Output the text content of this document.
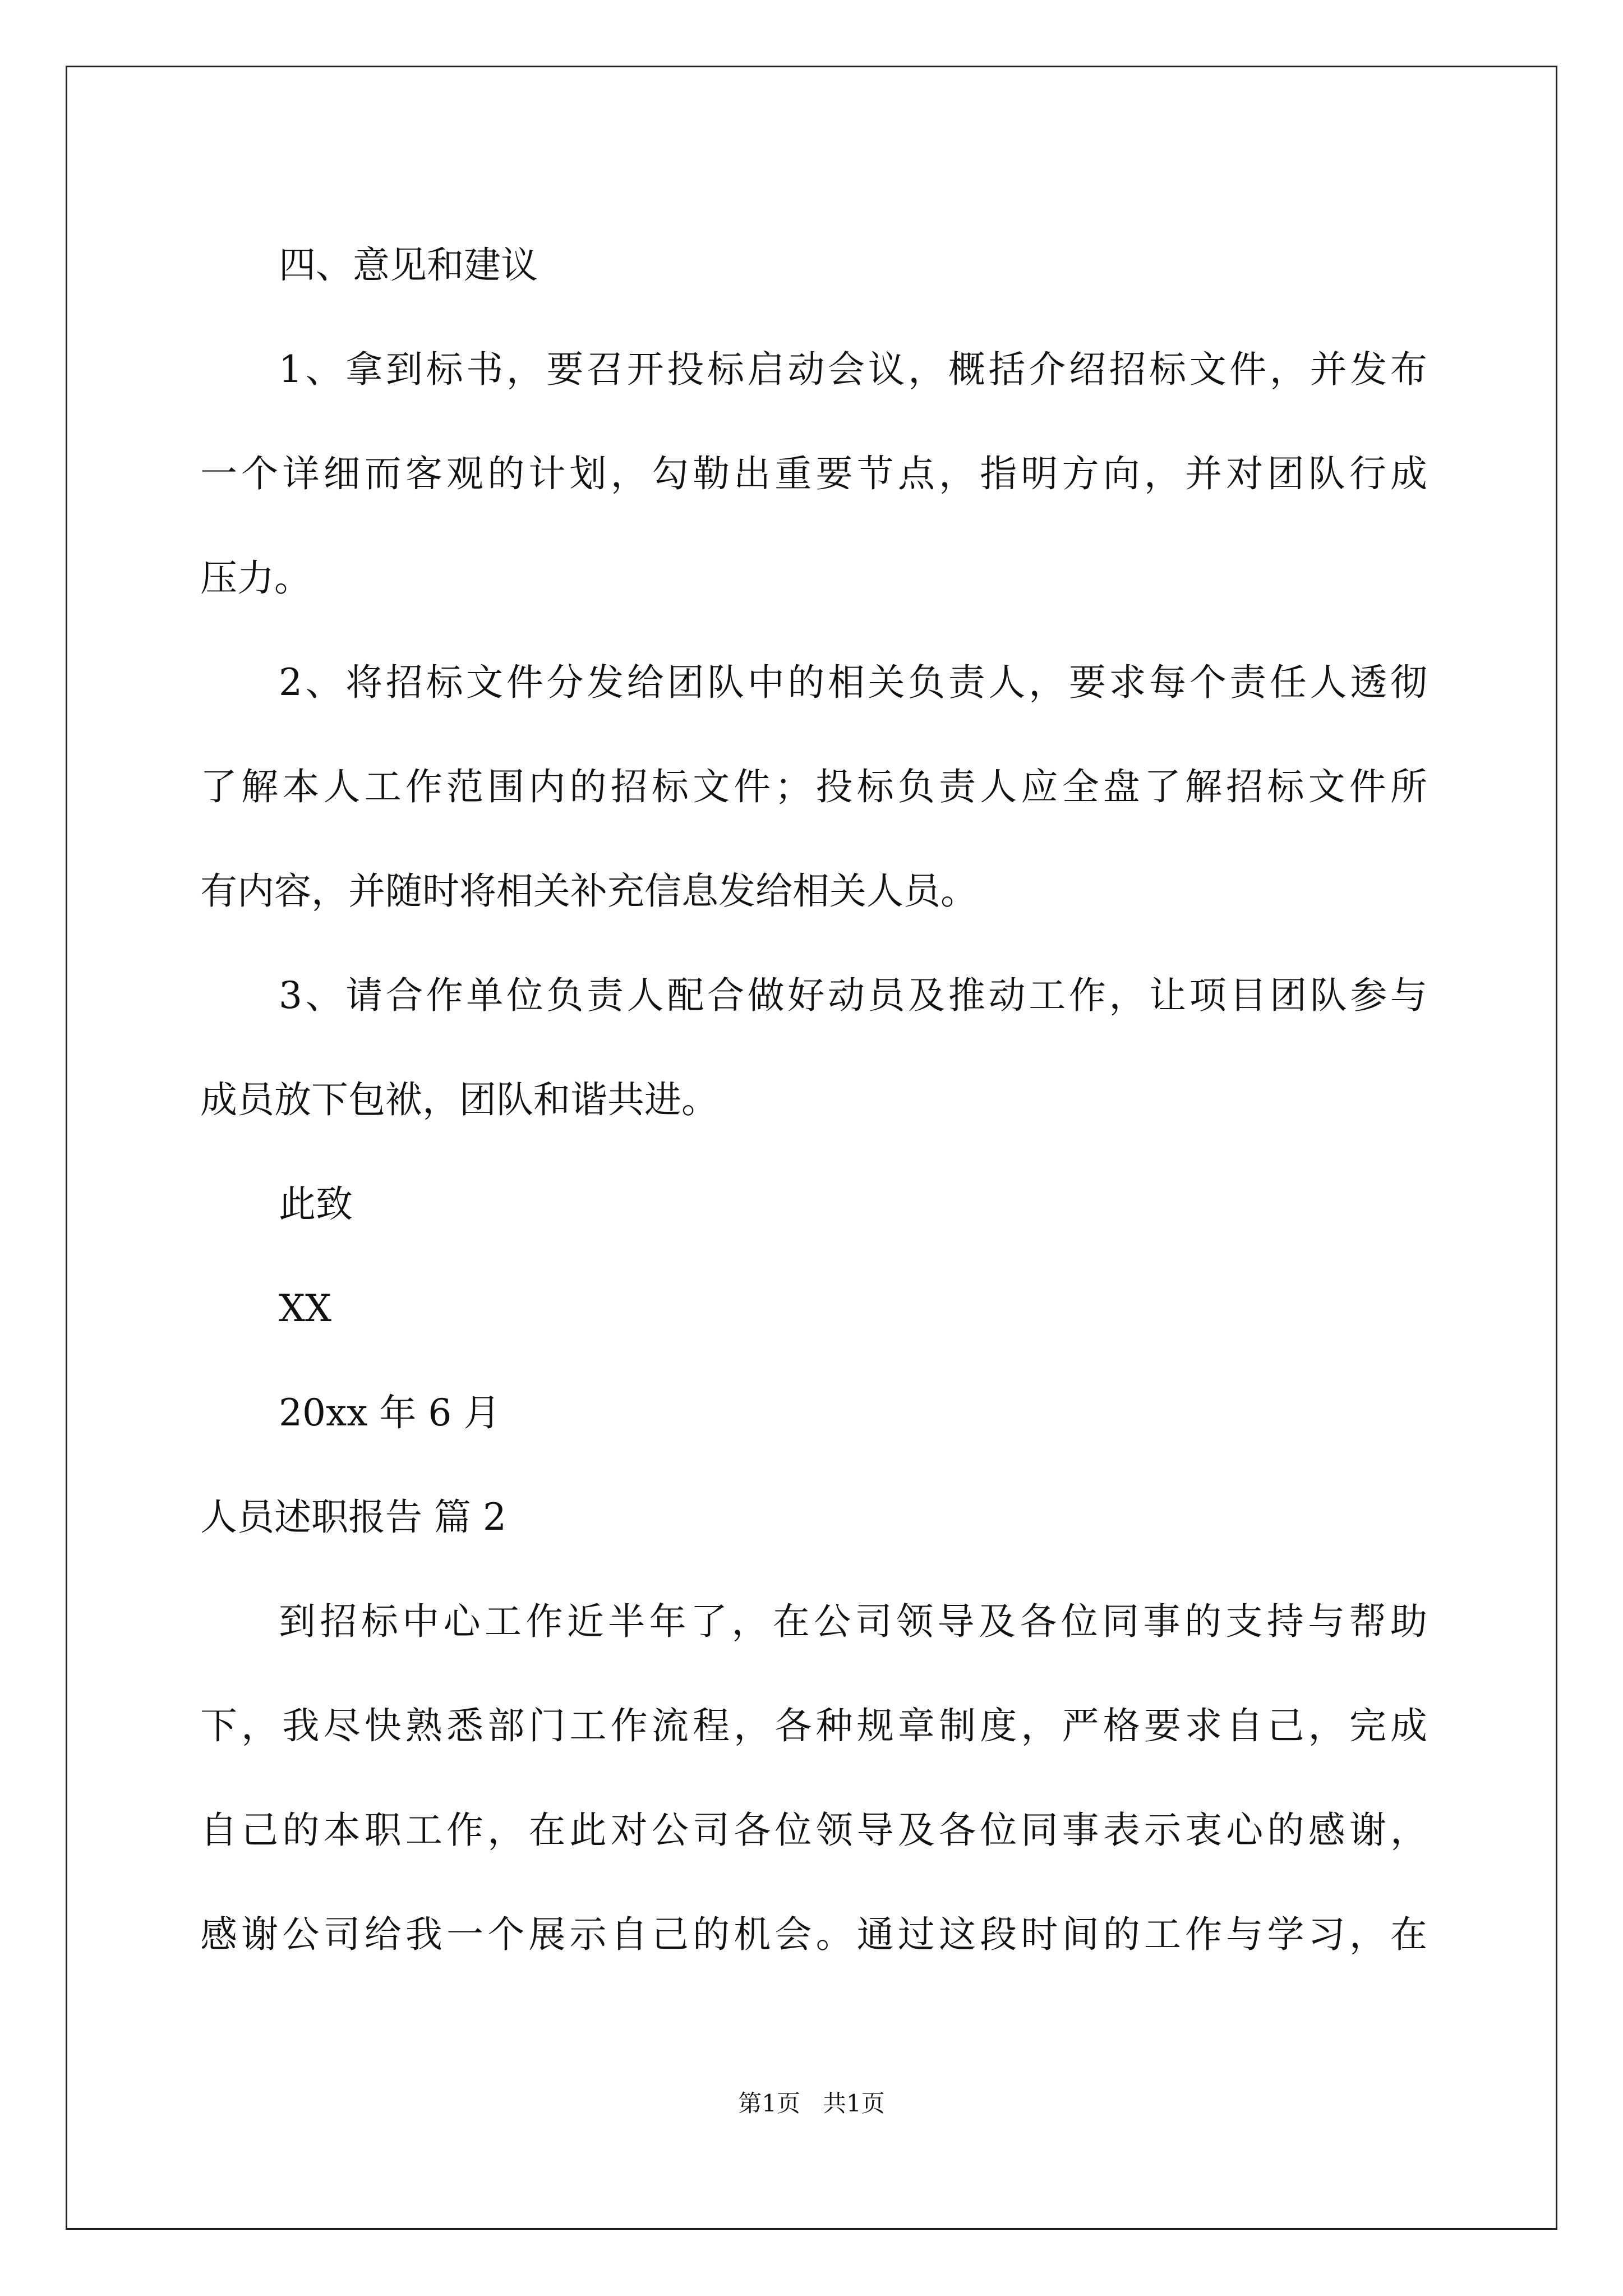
四、意见和建议
1、拿到标书，要召开投标启动会议，概括介绍招标文件，并发布
一个详细而客观的计划，勾勒出重要节点，指明方向，并对团队行成
压力。
2、将招标文件分发给团队中的相关负责人，要求每个责任人透彻
了解本人工作范围内的招标文件；投标负责人应全盘了解招标文件所
有内容，并随时将相关补充信息发给相关人员。
3、请合作单位负责人配合做好动员及推动工作，让项目团队参与
成员放下包袱，团队和谐共进。
此致
XX
20xx 年 6 月
人员述职报告 篇 2
到招标中心工作近半年了，在公司领导及各位同事的支持与帮助
下，我尽快熟悉部门工作流程，各种规章制度，严格要求自己，完成
自己的本职工作，在此对公司各位领导及各位同事表示衷心的感谢，
感谢公司给我一个展示自己的机会。通过这段时间的工作与学习，在
第1页 共1页
